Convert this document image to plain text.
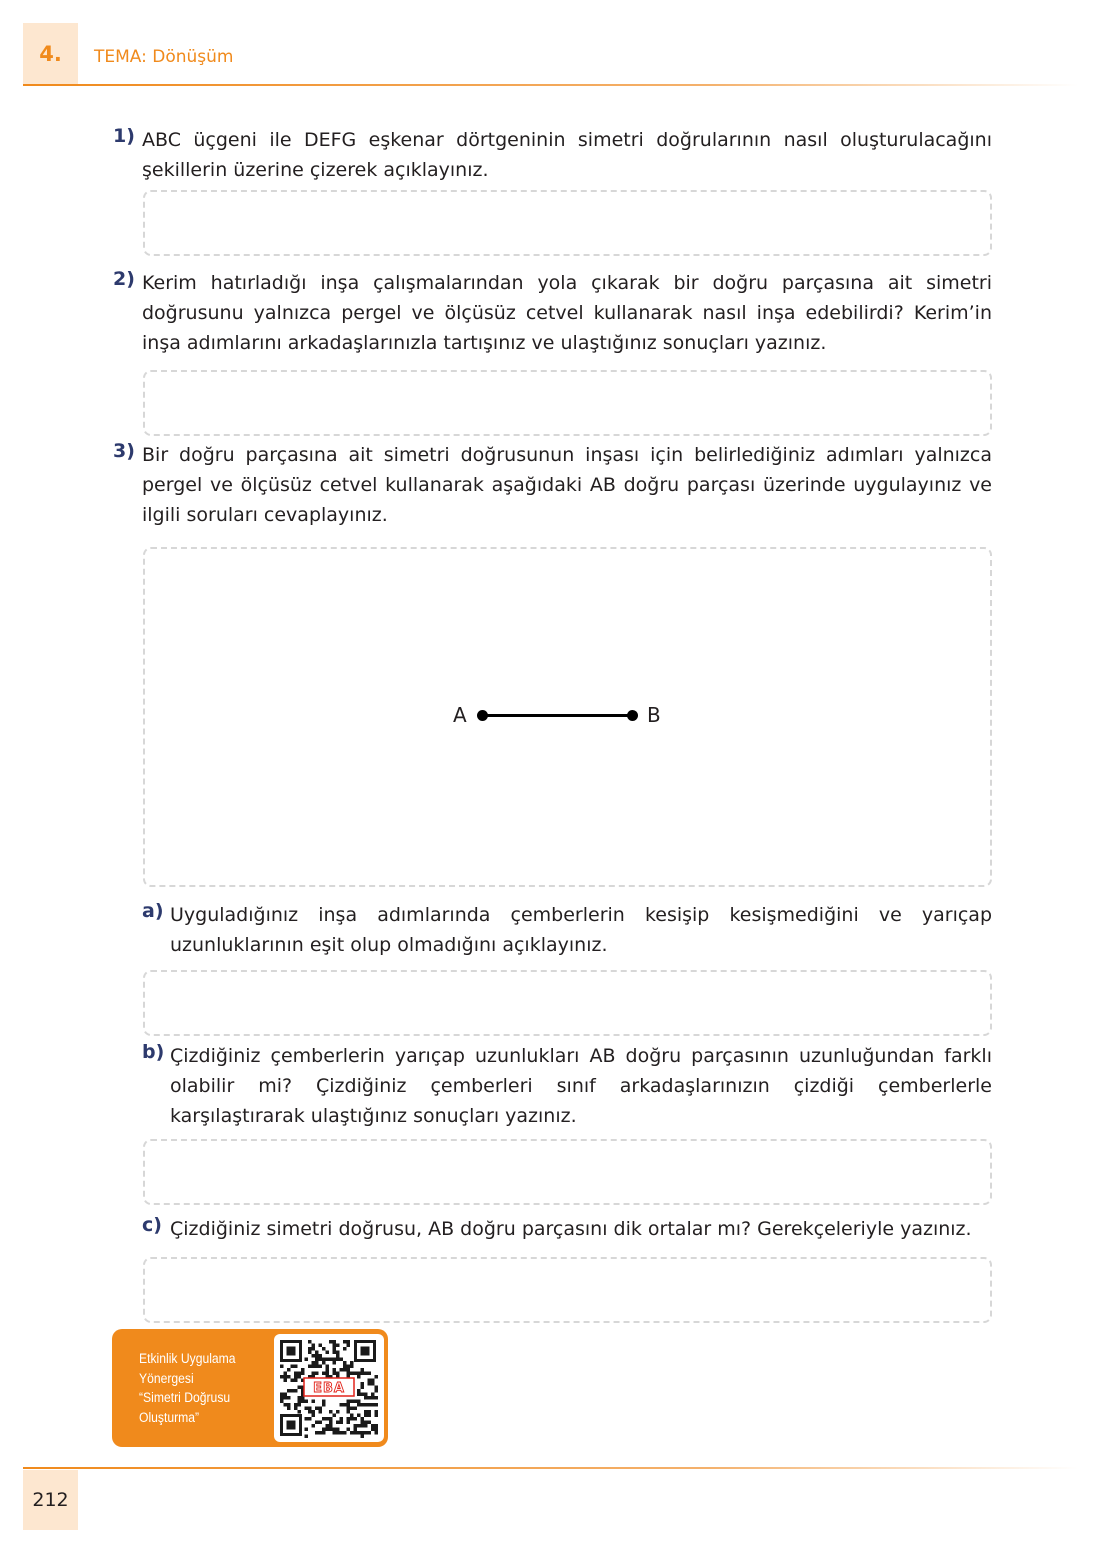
4. TEMA: Dönüşüm
1) ABC üçgeni ile DEFG eşkenar dörtgeninin simetri doğrularının nasıl oluşturulacağını şekillerin üzerine çizerek açıklayınız.
2) Kerim hatırladığı inşa çalışmalarından yola çıkarak bir doğru parçasına ait simetri doğrusunu yalnızca pergel ve ölçüsüz cetvel kullanarak nasıl inşa edebilirdi? Kerim’in inşa adımlarını arkadaşlarınızla tartışınız ve ulaştığınız sonuçları yazınız.
3) Bir doğru parçasına ait simetri doğrusunun inşası için belirlediğiniz adımları yalnızca pergel ve ölçüsüz cetvel kullanarak aşağıdaki AB doğru parçası üzerinde uygulayınız ve ilgili soruları cevaplayınız.
A	B
a) Uyguladığınız inşa adımlarında çemberlerin kesişip kesişmediğini ve yarıçap uzunluklarının eşit olup olmadığını açıklayınız.
b) Çizdiğiniz çemberlerin yarıçap uzunlukları AB doğru parçasının uzunluğundan farklı olabilir mi? Çizdiğiniz çemberleri sınıf arkadaşlarınızın çizdiği çemberlerle karşılaştırarak ulaştığınız sonuçları yazınız.
c) Çizdiğiniz simetri doğrusu, AB doğru parçasını dik ortalar mı? Gerekçeleriyle yazınız.
Etkinlik Uygulama
Yönergesi
“Simetri Doğrusu
Oluşturma”
EBA
212
